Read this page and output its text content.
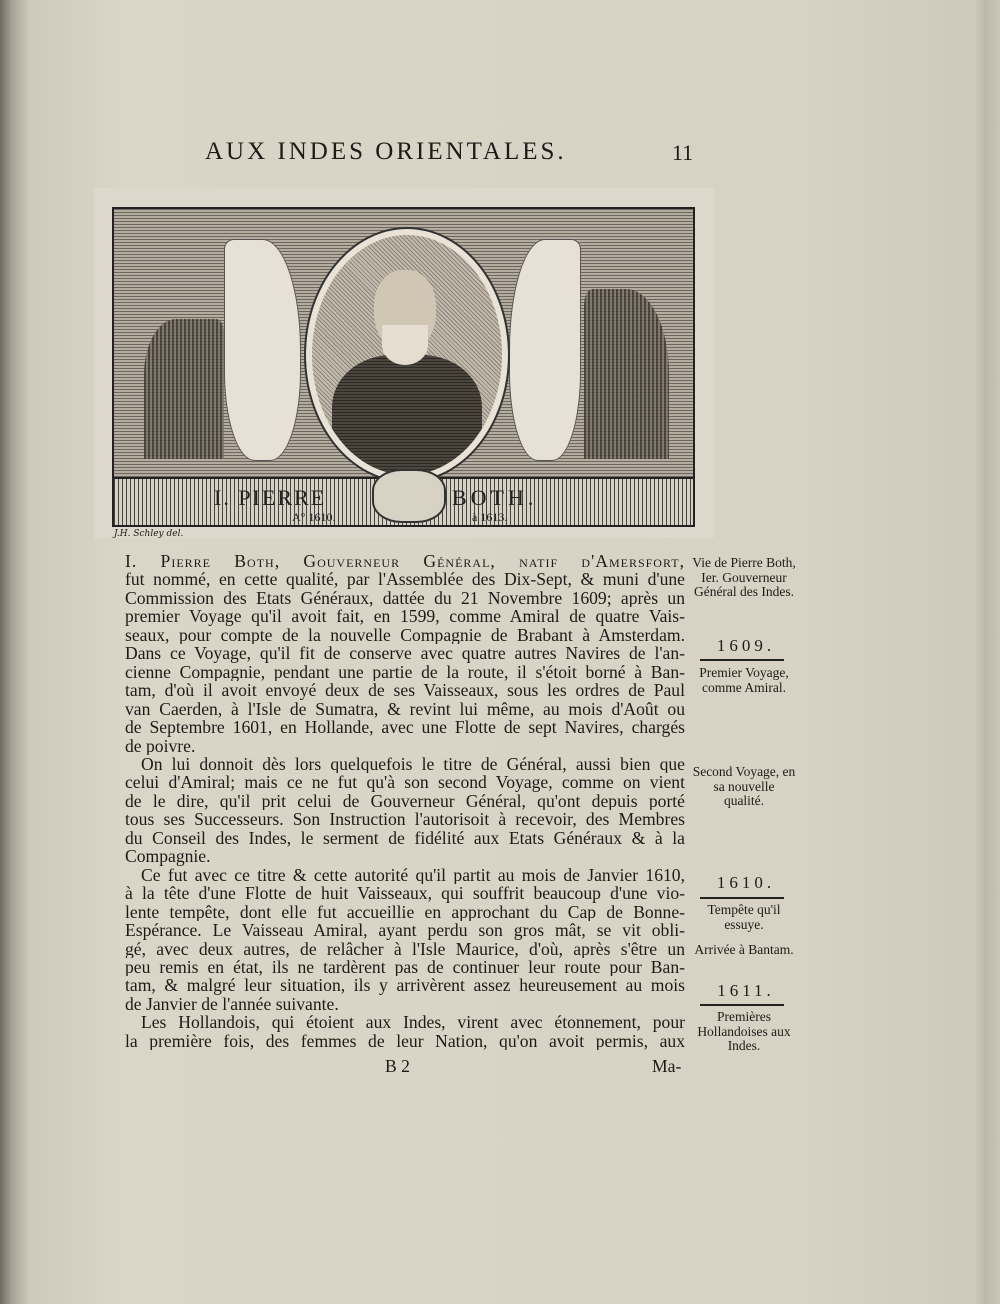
AUX INDES ORIENTALES.	11
I. PIERRE	BOTH.
A° 1610.	à 1613.
J.H. Schley del.
I. Pierre Both, Gouverneur Général, natif d'Amersfort,
fut nommé, en cette qualité, par l'Assemblée des Dix-Sept, & muni d'une
Commission des Etats Généraux, dattée du 21 Novembre 1609; après un
premier Voyage qu'il avoit fait, en 1599, comme Amiral de quatre Vais-
seaux, pour compte de la nouvelle Compagnie de Brabant à Amsterdam.
Dans ce Voyage, qu'il fit de conserve avec quatre autres Navires de l'an-
cienne Compagnie, pendant une partie de la route, il s'étoit borné à Ban-
tam, d'où il avoit envoyé deux de ses Vaisseaux, sous les ordres de Paul
van Caerden, à l'Isle de Sumatra, & revint lui même, au mois d'Août ou
de Septembre 1601, en Hollande, avec une Flotte de sept Navires, chargés
de poivre.
On lui donnoit dès lors quelquefois le titre de Général, aussi bien que
celui d'Amiral; mais ce ne fut qu'à son second Voyage, comme on vient
de le dire, qu'il prit celui de Gouverneur Général, qu'ont depuis porté
tous ses Successeurs. Son Instruction l'autorisoit à recevoir, des Membres
du Conseil des Indes, le serment de fidélité aux Etats Généraux & à la
Compagnie.
Ce fut avec ce titre & cette autorité qu'il partit au mois de Janvier 1610,
à la tête d'une Flotte de huit Vaisseaux, qui souffrit beaucoup d'une vio-
lente tempête, dont elle fut accueillie en approchant du Cap de Bonne-
Espérance. Le Vaisseau Amiral, ayant perdu son gros mât, se vit obli-
gé, avec deux autres, de relâcher à l'Isle Maurice, d'où, après s'être un
peu remis en état, ils ne tardèrent pas de continuer leur route pour Ban-
tam, & malgré leur situation, ils y arrivèrent assez heureusement au mois
de Janvier de l'année suivante.
Les Hollandois, qui étoient aux Indes, virent avec étonnement, pour
la première fois, des femmes de leur Nation, qu'on avoit permis, aux
B 2	Ma-
Vie de Pierre Both, Ier. Gouverneur Général des Indes.
1609.
Premier Voyage, comme Amiral.
Second Voyage, en sa nouvelle qualité.
1610.
Tempête qu'il essuye.
Arrivée à Bantam.
1611.
Premières Hollandoises aux Indes.
